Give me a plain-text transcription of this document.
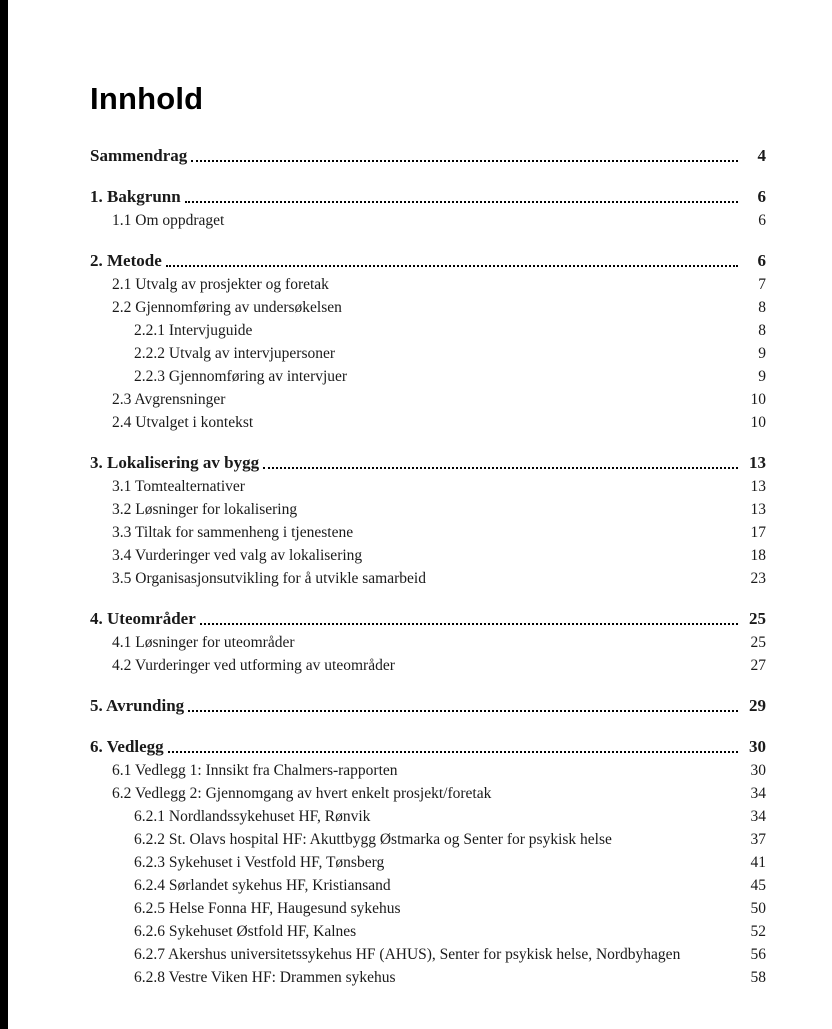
Innhold
Sammendrag	4
1. Bakgrunn	6
1.1 Om oppdraget	6
2. Metode	6
2.1 Utvalg av prosjekter og foretak	7
2.2 Gjennomføring av undersøkelsen	8
2.2.1 Intervjuguide	8
2.2.2 Utvalg av intervjupersoner	9
2.2.3 Gjennomføring av intervjuer	9
2.3 Avgrensninger	10
2.4 Utvalget i kontekst	10
3. Lokalisering av bygg	13
3.1 Tomtealternativer	13
3.2 Løsninger for lokalisering	13
3.3 Tiltak for sammenheng i tjenestene	17
3.4 Vurderinger ved valg av lokalisering	18
3.5 Organisasjonsutvikling for å utvikle samarbeid	23
4. Uteområder	25
4.1 Løsninger for uteområder	25
4.2 Vurderinger ved utforming av uteområder	27
5. Avrunding	29
6. Vedlegg	30
6.1 Vedlegg 1: Innsikt fra Chalmers-rapporten	30
6.2 Vedlegg 2: Gjennomgang av hvert enkelt prosjekt/foretak	34
6.2.1 Nordlandssykehuset HF, Rønvik	34
6.2.2 St. Olavs hospital HF: Akuttbygg Østmarka og Senter for psykisk helse	37
6.2.3 Sykehuset i Vestfold HF, Tønsberg	41
6.2.4 Sørlandet sykehus HF, Kristiansand	45
6.2.5 Helse Fonna HF, Haugesund sykehus	50
6.2.6 Sykehuset Østfold HF, Kalnes	52
6.2.7 Akershus universitetssykehus HF (AHUS), Senter for psykisk helse, Nordbyhagen	56
6.2.8 Vestre Viken HF: Drammen sykehus	58
